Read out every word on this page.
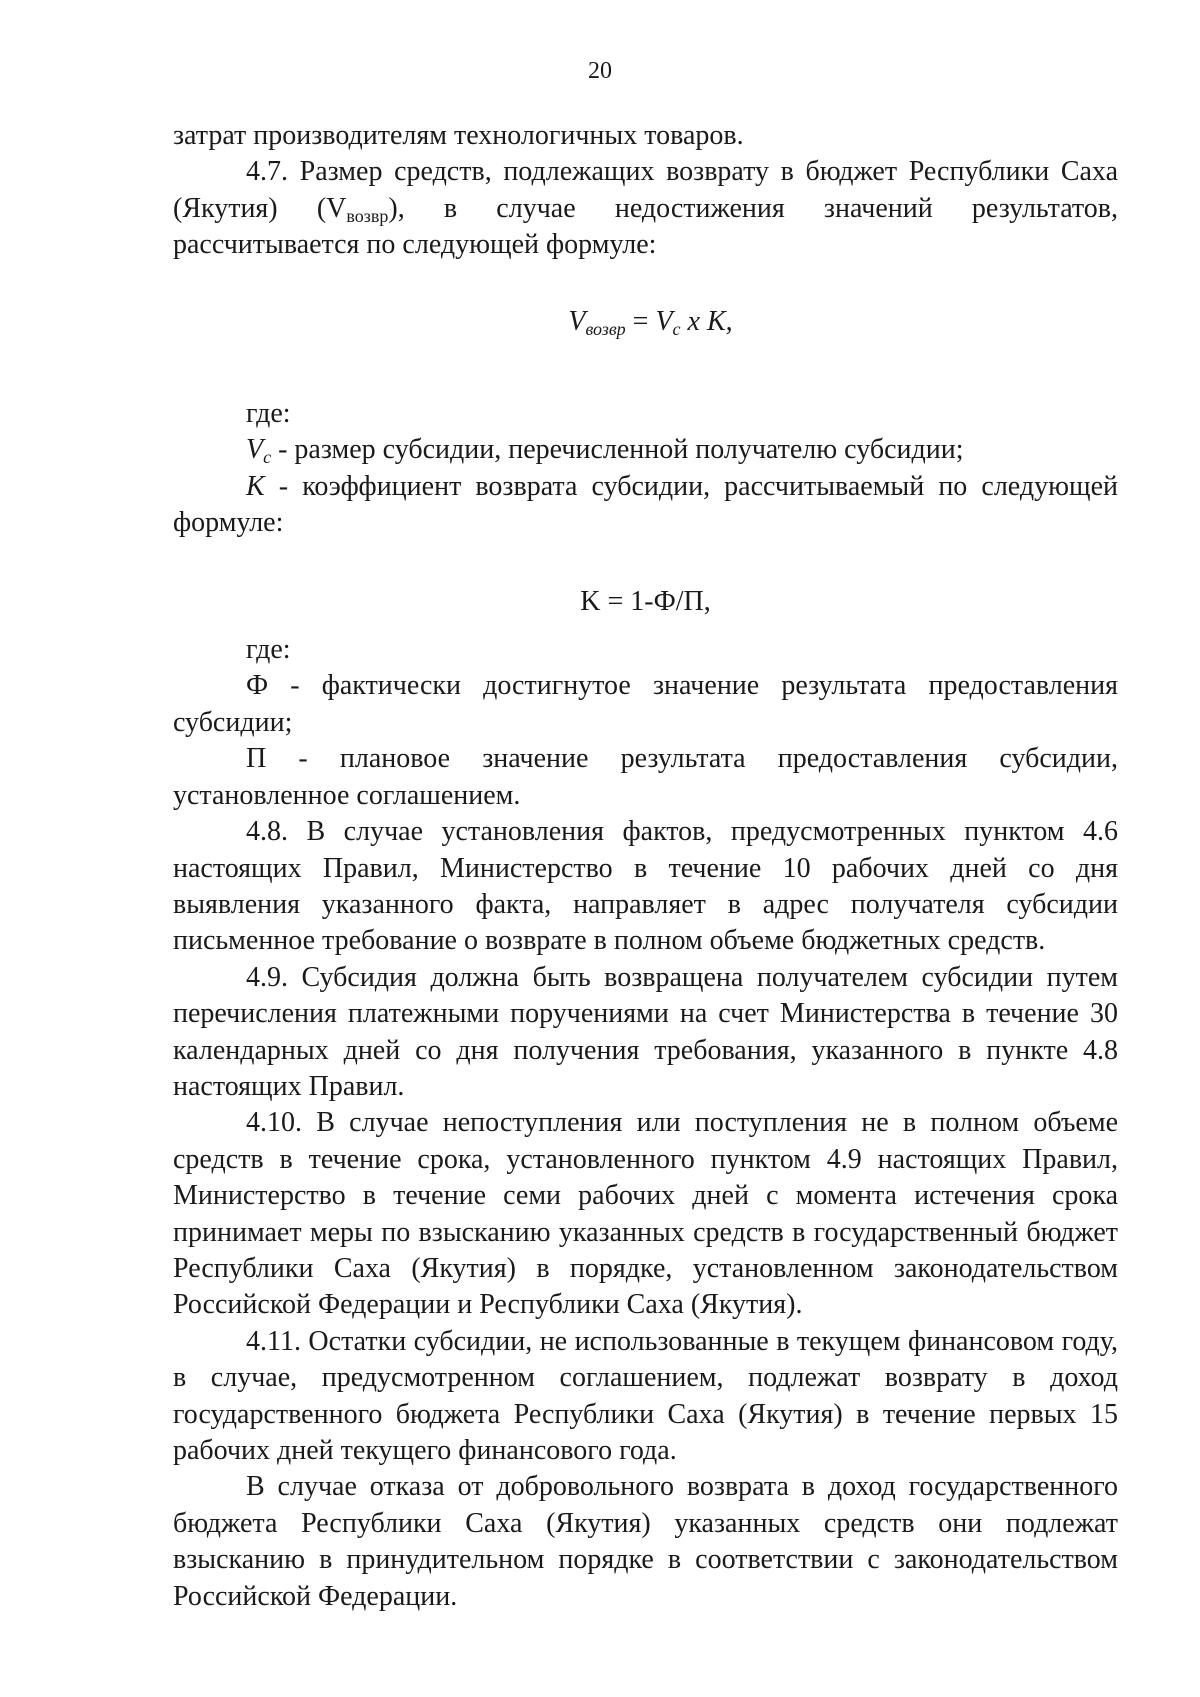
20

затрат производителям технологичных товаров.

4.7. Размер средств, подлежащих возврату в бюджет Республики Саха (Якутия) $(V_{возвр})$, в случае недостижения значений результатов, рассчитывается по следующей формуле:

$V_{возвр} = V_c$ x K,

где:

$V_c$ - размер субсидии, перечисленной получателю субсидии;

K - коэффициент возврата субсидии, рассчитываемый по следующей формуле:

K = 1-Ф/П,

где:

Ф - фактически достигнутое значение результата предоставления субсидии;

П - плановое значение результата предоставления субсидии, установленное соглашением.

4.8. В случае установления фактов, предусмотренных пунктом 4.6 настоящих Правил, Министерство в течение 10 рабочих дней со дня выявления указанного факта, направляет в адрес получателя субсидии письменное требование о возврате в полном объеме бюджетных средств.

4.9. Субсидия должна быть возвращена получателем субсидии путем перечисления платежными поручениями на счет Министерства в течение 30 календарных дней со дня получения требования, указанного в пункте 4.8 настоящих Правил.

4.10. В случае непоступления или поступления не в полном объеме средств в течение срока, установленного пунктом 4.9 настоящих Правил, Министерство в течение семи рабочих дней с момента истечения срока принимает меры по взысканию указанных средств в государственный бюджет Республики Саха (Якутия) в порядке, установленном законодательством Российской Федерации и Республики Саха (Якутия).

4.11. Остатки субсидии, не использованные в текущем финансовом году, в случае, предусмотренном соглашением, подлежат возврату в доход государственного бюджета Республики Саха (Якутия) в течение первых 15 рабочих дней текущего финансового года.

В случае отказа от добровольного возврата в доход государственного бюджета Республики Саха (Якутия) указанных средств они подлежат взысканию в принудительном порядке в соответствии с законодательством Российской Федерации.
